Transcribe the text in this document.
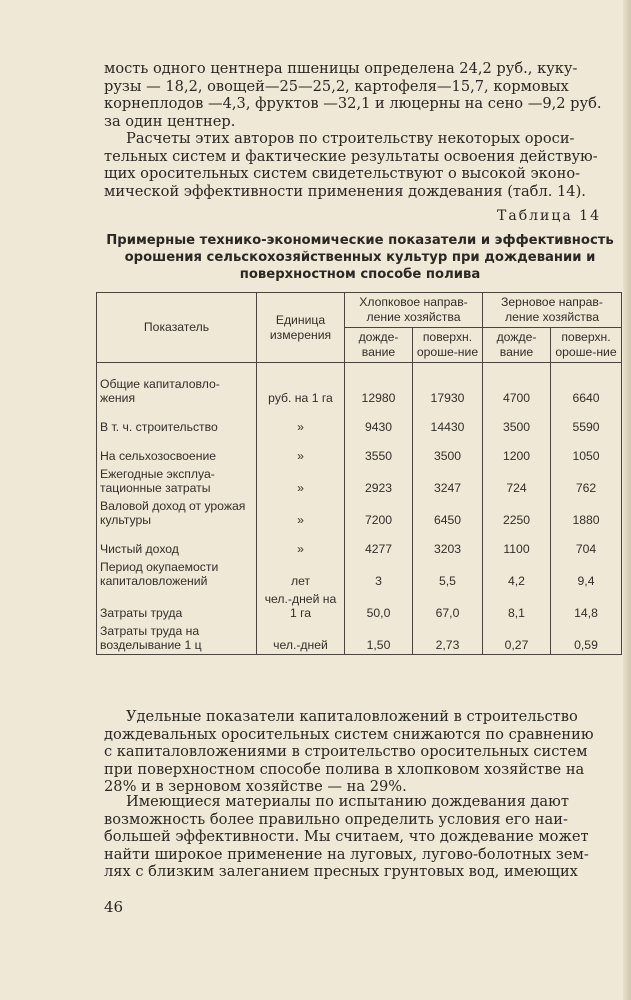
мость одного центнера пшеницы определена 24,2 руб., куку-
рузы — 18,2, овощей—25—25,2, картофеля—15,7, кормовых
корнеплодов —4,3, фруктов —32,1 и люцерны на сено —9,2 руб.
за один центнер.

Расчеты этих авторов по строительству некоторых ороси-
тельных систем и фактические результаты освоения действую-
щих оросительных систем свидетельствуют о высокой эконо-
мической эффективности применения дождевания (табл. 14).

Таблица 14
Примерные технико-экономические показатели и эффективность
орошения сельскохозяйственных культур при дождевании и
поверхностном способе полива
Показатель	Единица измерения	Хлопковое направ-ление хозяйства		Зерновое направ-ление хозяйства	
		дожде-вание	поверхн. ороше-ние	дожде-вание	поверхн. ороше-ние
Общие капиталовло-жения	руб. на 1 га	12980	17930	4700	6640
В т. ч. строительство	»	9430	14430	3500	5590
На сельхозосвоение	»	3550	3500	1200	1050
Ежегодные эксплуа-тационные затраты	»	2923	3247	724	762
Валовой доход от урожая культуры	»	7200	6450	2250	1880
Чистый доход	»	4277	3203	1100	704
Период окупаемости капиталовложений	лет	3	5,5	4,2	9,4
Затраты труда	чел.-дней на 1 га	50,0	67,0	8,1	14,8
Затраты труда на возделывание 1 ц	чел.-дней	1,50	2,73	0,27	0,59

Удельные показатели капиталовложений в строительство
дождевальных оросительных систем снижаются по сравнению
с капиталовложениями в строительство оросительных систем
при поверхностном способе полива в хлопковом хозяйстве на
28% и в зерновом хозяйстве — на 29%.

Имеющиеся материалы по испытанию дождевания дают
возможность более правильно определить условия его наи-
большей эффективности. Мы считаем, что дождевание может
найти широкое применение на луговых, лугово-болотных зем-
лях с близким залеганием пресных грунтовых вод, имеющих

46
